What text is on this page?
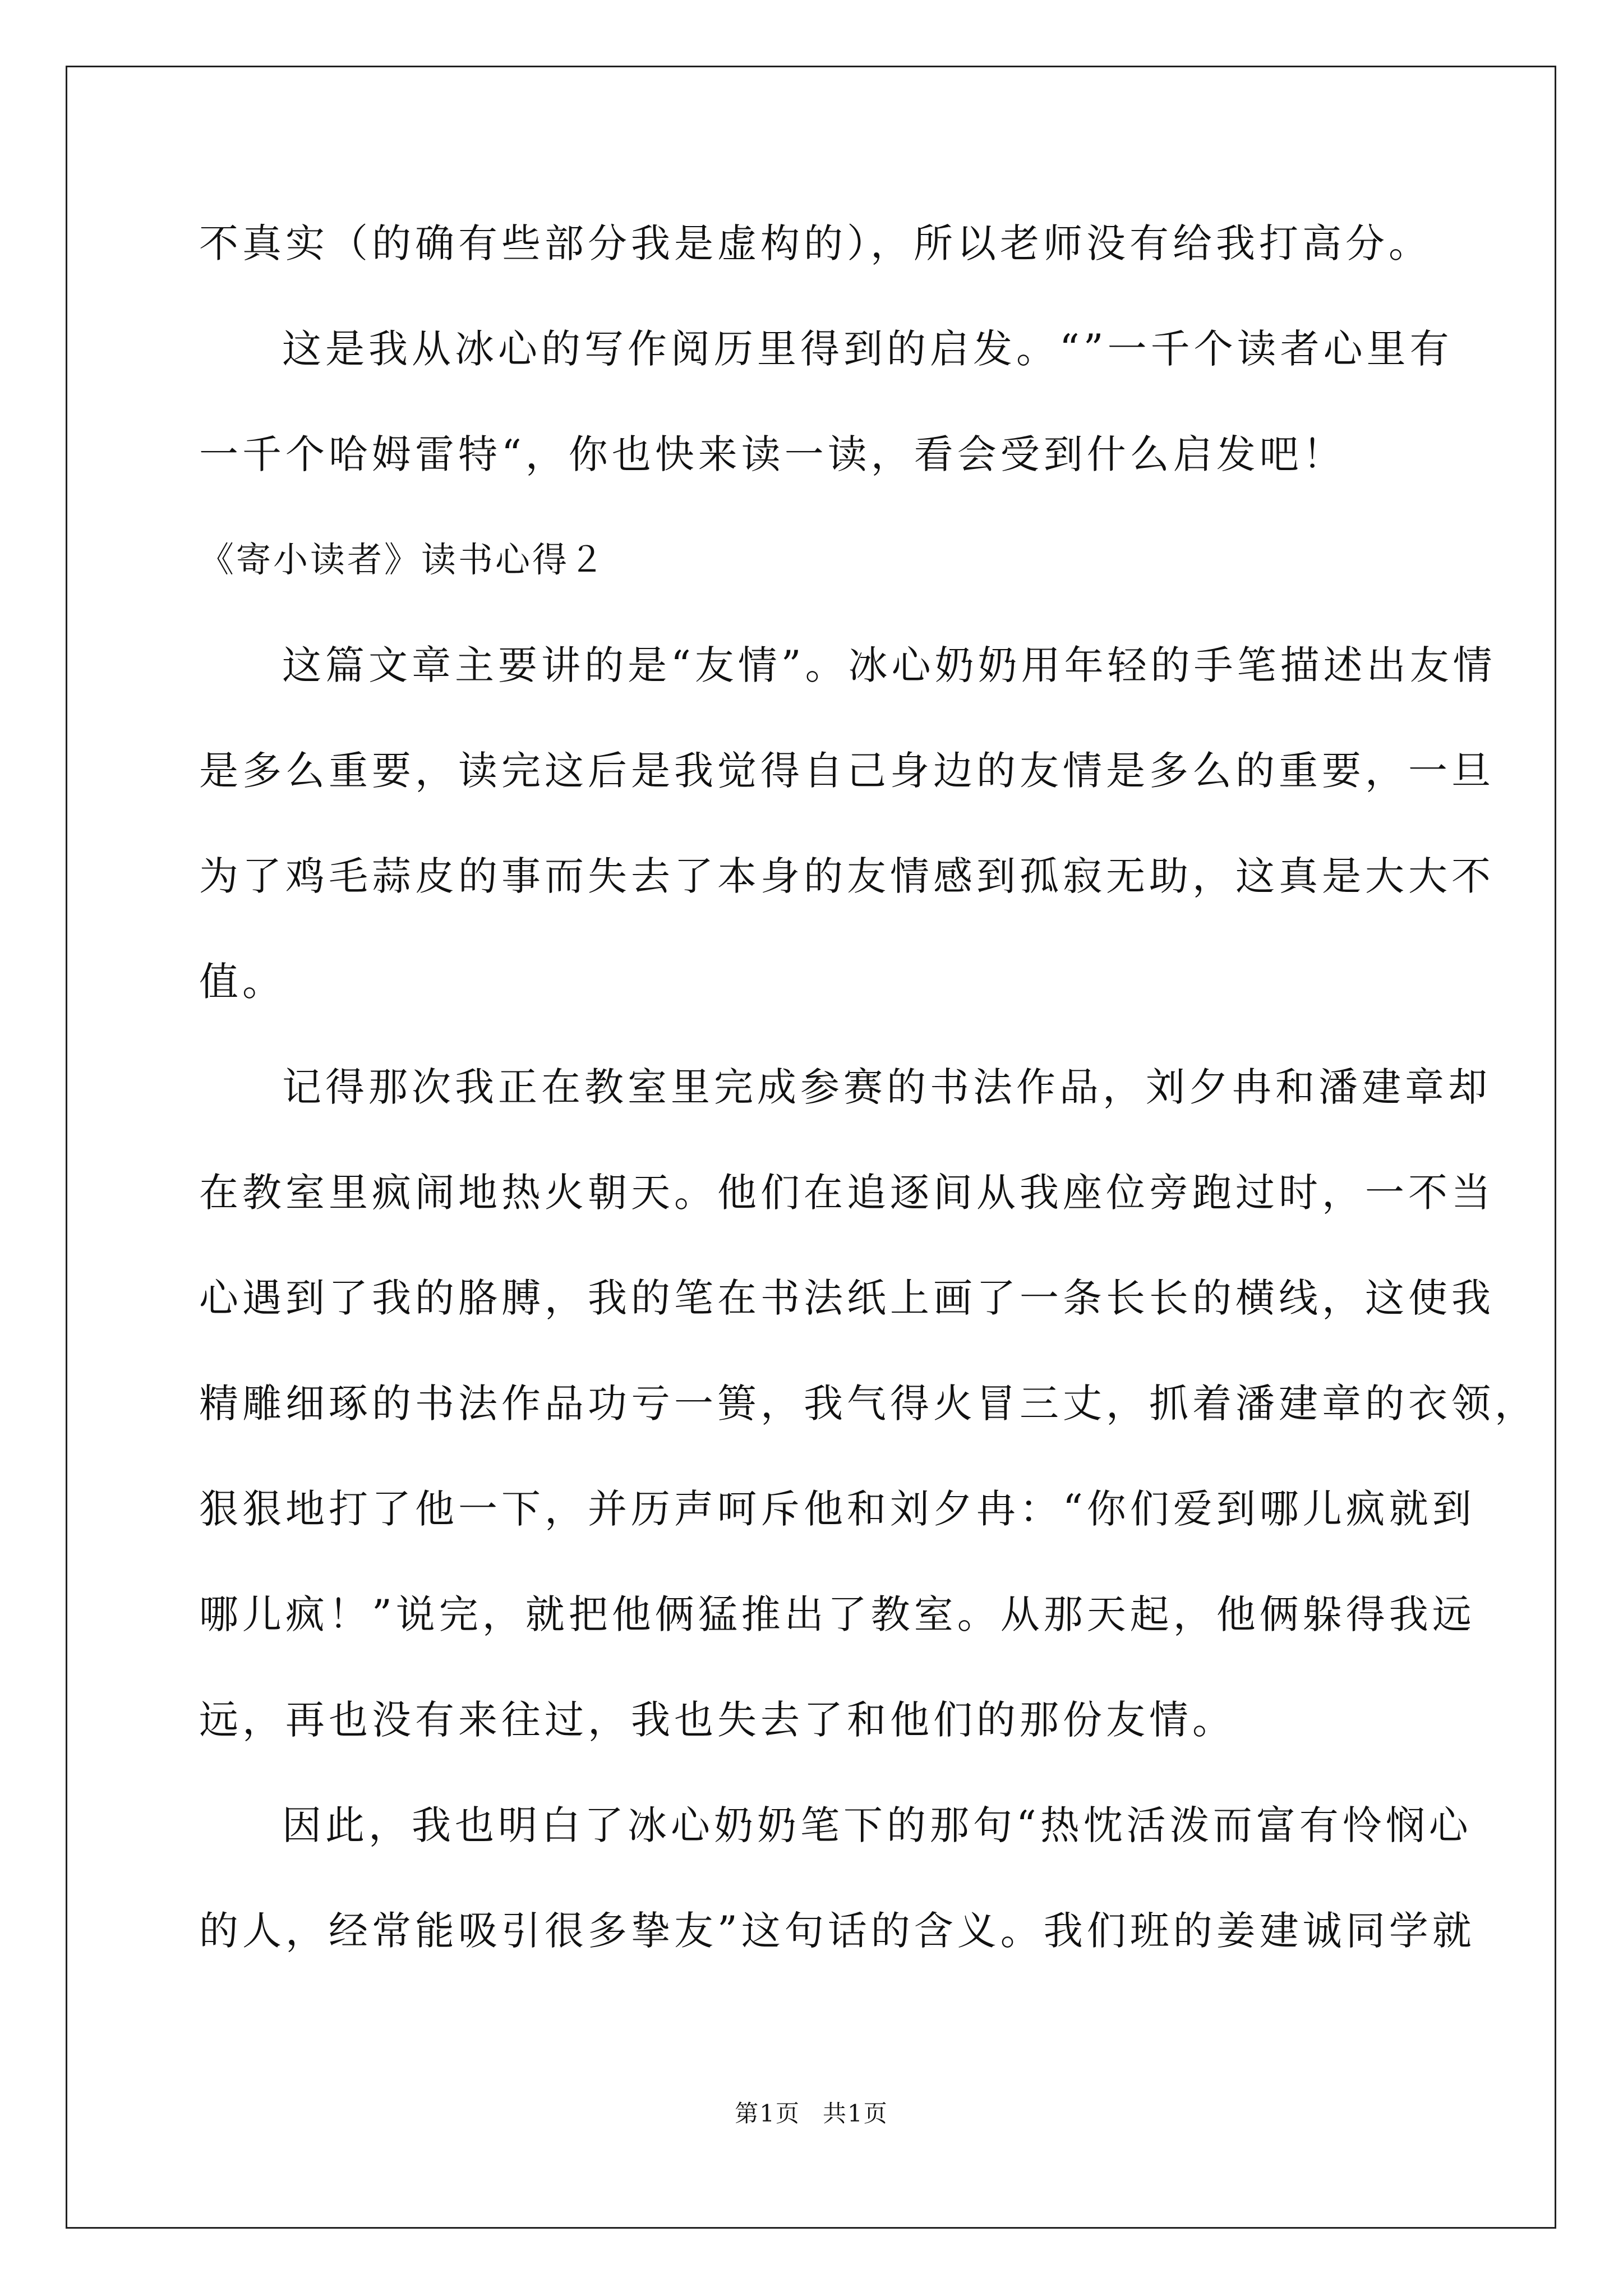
不真实（的确有些部分我是虚构的），所以老师没有给我打高分。
这是我从冰心的写作阅历里得到的启发。“”一千个读者心里有
一千个哈姆雷特“，你也快来读一读，看会受到什么启发吧！
《寄小读者》读书心得２
这篇文章主要讲的是“友情”。冰心奶奶用年轻的手笔描述出友情
是多么重要，读完这后是我觉得自己身边的友情是多么的重要，一旦
为了鸡毛蒜皮的事而失去了本身的友情感到孤寂无助，这真是大大不
值。
记得那次我正在教室里完成参赛的书法作品，刘夕冉和潘建章却
在教室里疯闹地热火朝天。他们在追逐间从我座位旁跑过时，一不当
心遇到了我的胳膊，我的笔在书法纸上画了一条长长的横线，这使我
精雕细琢的书法作品功亏一篑，我气得火冒三丈，抓着潘建章的衣领，
狠狠地打了他一下，并历声呵斥他和刘夕冉：“你们爱到哪儿疯就到
哪儿疯！”说完，就把他俩猛推出了教室。从那天起，他俩躲得我远
远，再也没有来往过，我也失去了和他们的那份友情。
因此，我也明白了冰心奶奶笔下的那句“热忱活泼而富有怜悯心
的人，经常能吸引很多挚友”这句话的含义。我们班的姜建诚同学就
第1页 共1页
